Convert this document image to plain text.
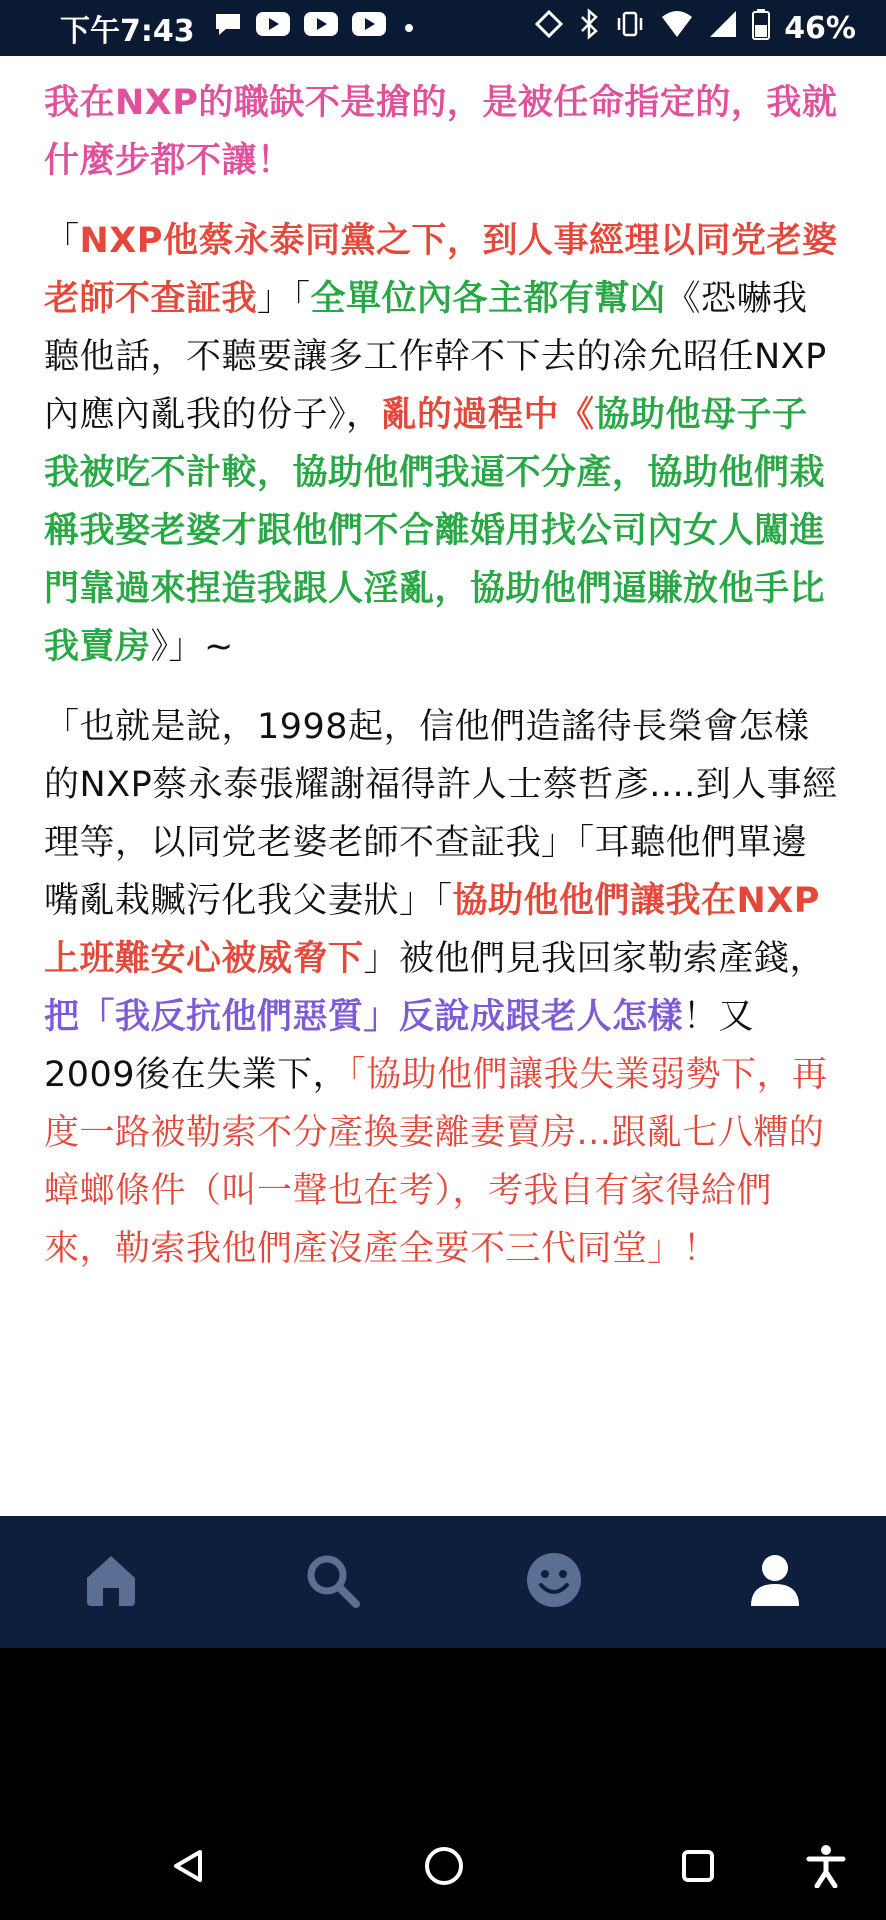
下午7:43	46%

我在NXP的職缺不是搶的，是被任命指定的，我就什麼步都不讓！

「NXP他蔡永泰同黨之下，到人事經理以同党老婆老師不查証我」「全單位內各主都有幫凶《恐嚇我聽他話，不聽要讓多工作幹不下去的凃允昭任NXP內應內亂我的份子》，亂的過程中《協助他母子子我被吃不計較，協助他們我逼不分產，協助他們栽稱我娶老婆才跟他們不合離婚用找公司內女人闖進門靠過來捏造我跟人淫亂，協助他們逼賺放他手比我賣房》」~

「也就是說，1998起，信他們造謠待長榮會怎樣的NXP蔡永泰張耀謝福得許人士蔡哲彥....到人事經理等，以同党老婆老師不查証我」「耳聽他們單邊嘴亂栽贓污化我父妻狀」「協助他他們讓我在NXP上班難安心被威脅下」被他們見我回家勒索產錢，把「我反抗他們惡質」反說成跟老人怎樣！又2009後在失業下，「協助他們讓我失業弱勢下，再度一路被勒索不分產換妻離妻賣房...跟亂七八糟的蟑螂條件（叫一聲也在考），考我自有家得給們來，勒索我他們產沒產全要不三代同堂」！
